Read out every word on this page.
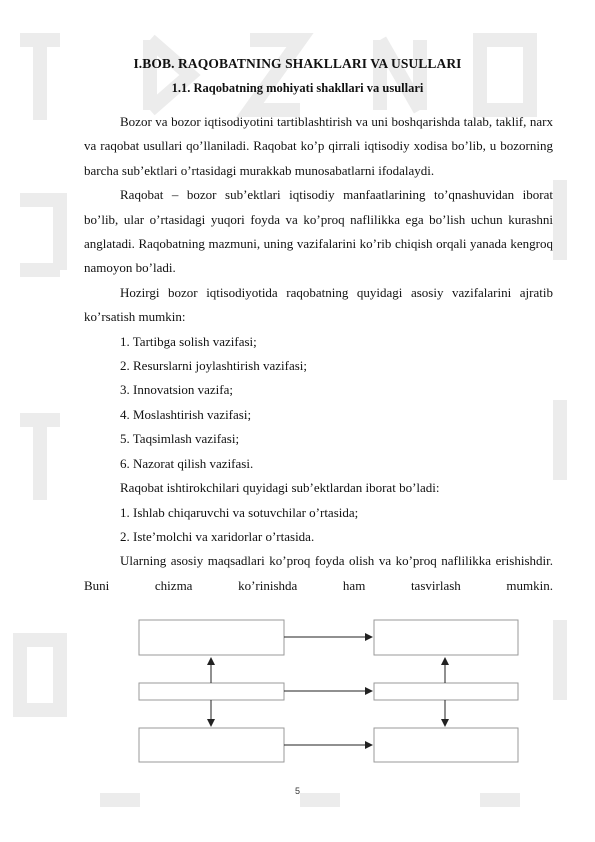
I.BOB. RAQOBATNING SHAKLLARI VA USULLARI
1.1. Raqobatning mohiyati shakllari va usullari

Bozor va bozor iqtisodiyotini tartiblashtirish va uni boshqarishda talab, taklif, narx va raqobat usullari qo’llaniladi. Raqobat ko’p qirrali iqtisodiy xodisa bo’lib, u bozorning barcha sub’ektlari o’rtasidagi murakkab munosabatlarni ifodalaydi.

Raqobat – bozor sub’ektlari iqtisodiy manfaatlarining to’qnashuvidan iborat bo’lib, ular o’rtasidagi yuqori foyda va ko’proq naflilikka ega bo’lish uchun kurashni anglatadi. Raqobatning mazmuni, uning vazifalarini ko’rib chiqish orqali yanada kengroq namoyon bo’ladi.

Hozirgi bozor iqtisodiyotida raqobatning quyidagi asosiy vazifalarini ajratib ko’rsatish mumkin:

1. Tartibga solish vazifasi;

2. Resurslarni joylashtirish vazifasi;

3. Innovatsion vazifa;

4. Moslashtirish vazifasi;

5. Taqsimlash vazifasi;

6. Nazorat qilish vazifasi.

Raqobat ishtirokchilari quyidagi sub’ektlardan iborat bo’ladi:

1. Ishlab chiqaruvchi va sotuvchilar o’rtasida;

2. Iste’molchi va xaridorlar o’rtasida.

Ularning asosiy maqsadlari ko’proq foyda olish va ko’proq naflilikka erishishdir. Buni chizma ko’rinishda ham tasvirlash mumkin.

5
